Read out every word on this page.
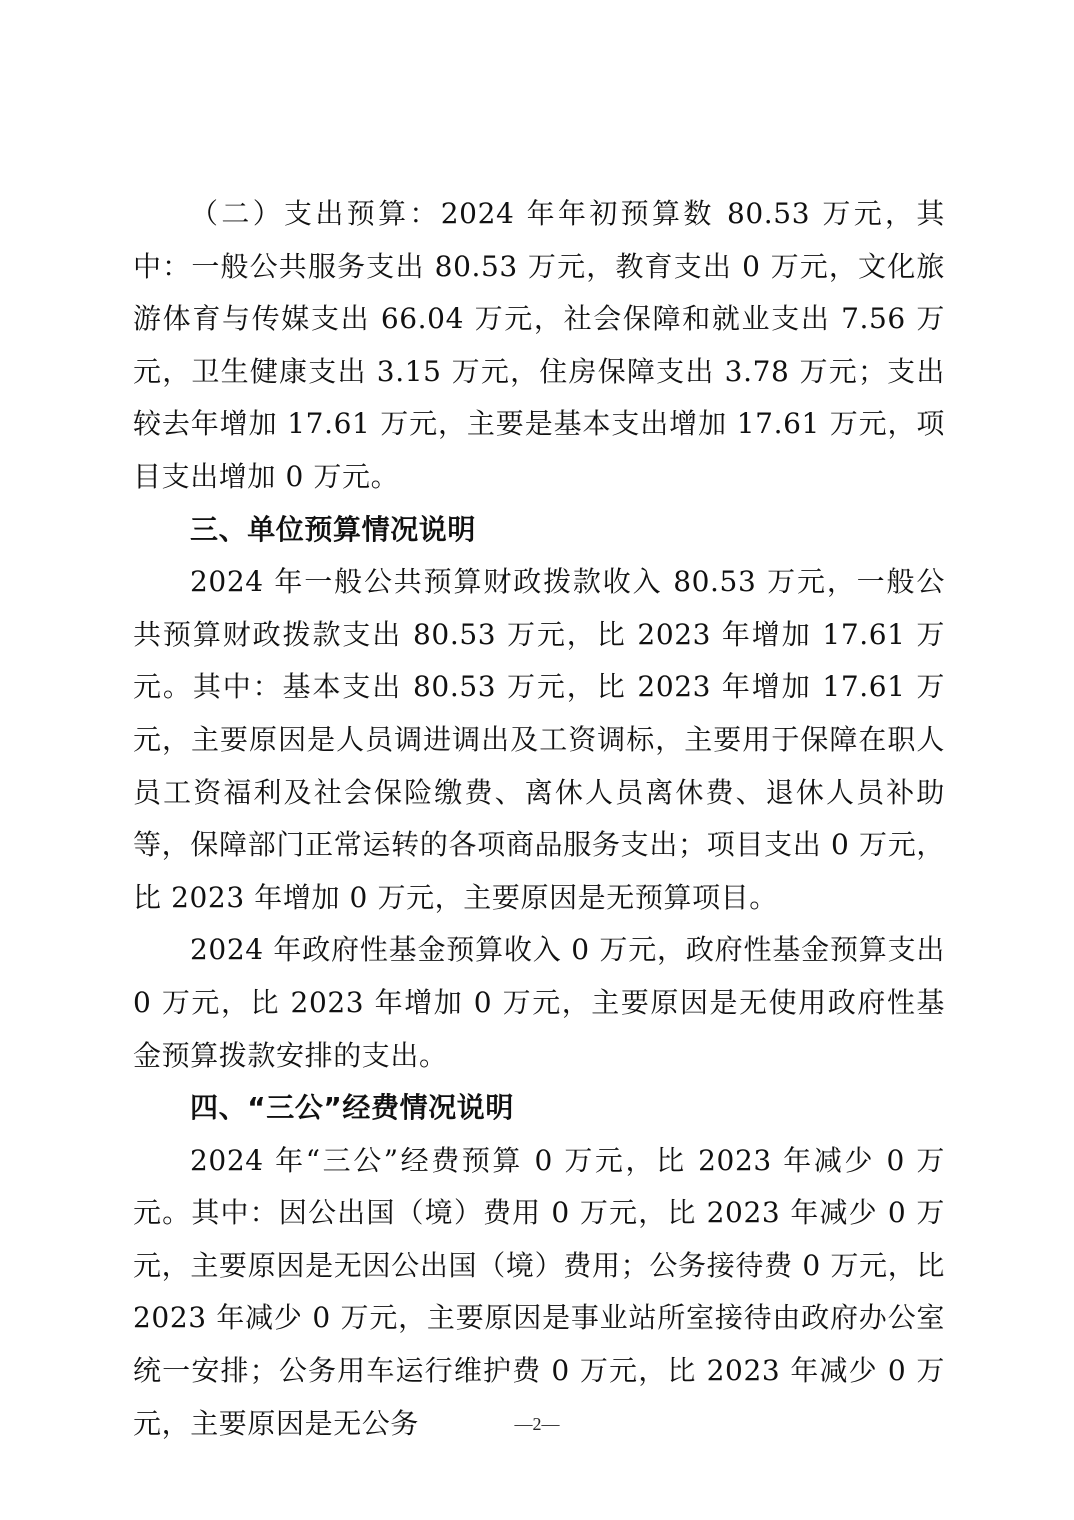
（二）支出预算：2024 年年初预算数 80.53 万元，其中：一般公共服务支出 80.53 万元，教育支出 0 万元，文化旅游体育与传媒支出 66.04 万元，社会保障和就业支出 7.56 万元，卫生健康支出 3.15 万元，住房保障支出 3.78 万元；支出较去年增加 17.61 万元，主要是基本支出增加 17.61 万元，项目支出增加 0 万元。

三、单位预算情况说明

2024 年一般公共预算财政拨款收入 80.53 万元，一般公共预算财政拨款支出 80.53 万元，比 2023 年增加 17.61 万元。其中：基本支出 80.53 万元，比 2023 年增加 17.61 万元，主要原因是人员调进调出及工资调标，主要用于保障在职人员工资福利及社会保险缴费、离休人员离休费、退休人员补助等，保障部门正常运转的各项商品服务支出；项目支出 0 万元，比 2023 年增加 0 万元，主要原因是无预算项目。

2024 年政府性基金预算收入 0 万元，政府性基金预算支出 0 万元，比 2023 年增加 0 万元，主要原因是无使用政府性基金预算拨款安排的支出。

四、“三公”经费情况说明

2024 年“三公”经费预算 0 万元，比 2023 年减少 0 万元。其中：因公出国（境）费用 0 万元，比 2023 年减少 0 万元，主要原因是无因公出国（境）费用；公务接待费 0 万元，比 2023 年减少 0 万元，主要原因是事业站所室接待由政府办公室统一安排；公务用车运行维护费 0 万元，比 2023 年减少 0 万元，主要原因是无公务	—2—
